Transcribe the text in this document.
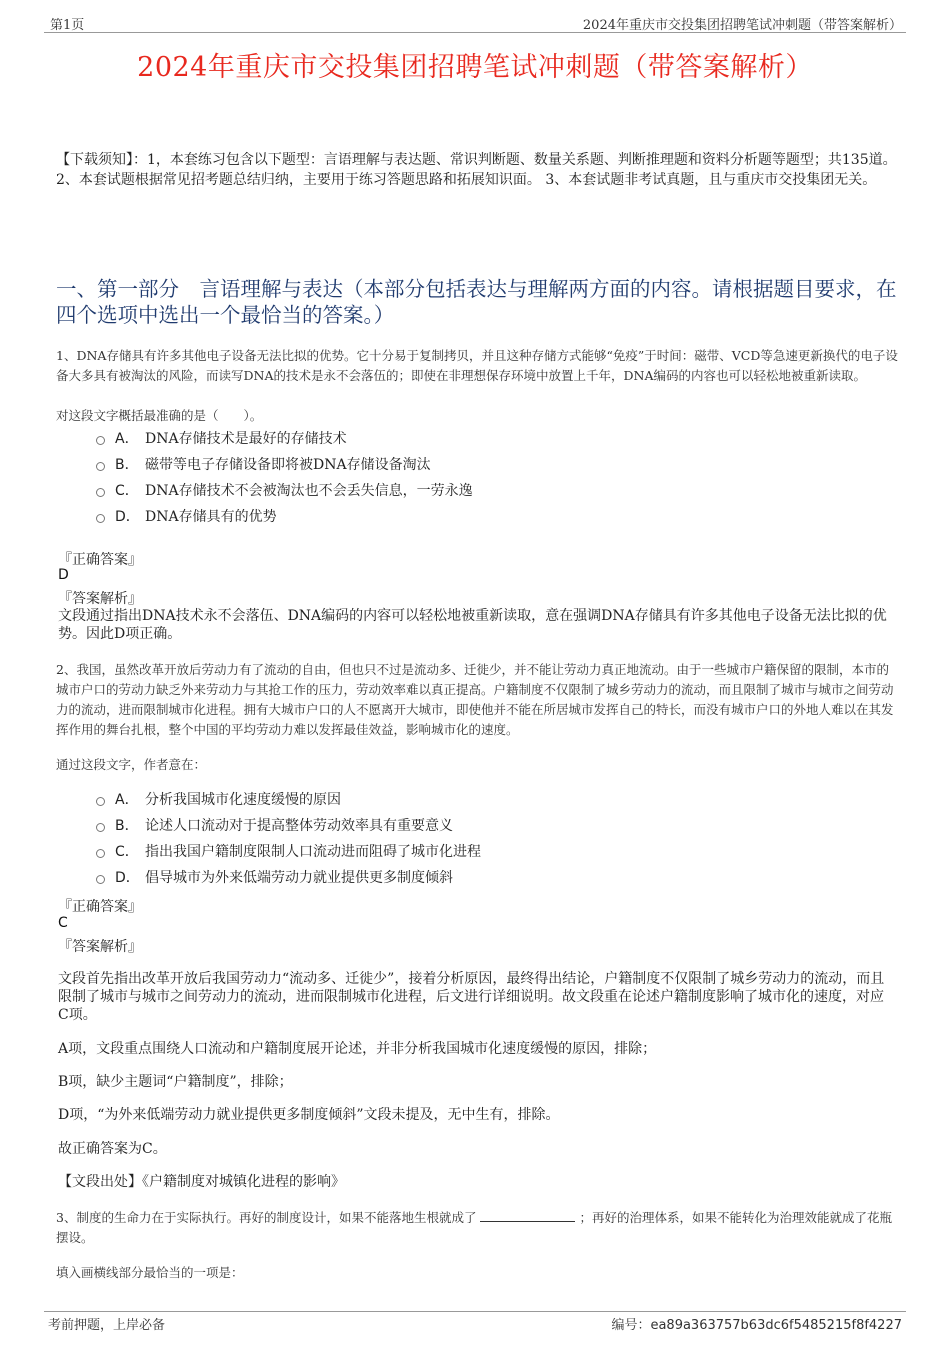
第1页	2024年重庆市交投集团招聘笔试冲刺题（带答案解析）
2024年重庆市交投集团招聘笔试冲刺题（带答案解析）
【下载须知】：1，本套练习包含以下题型：言语理解与表达题、常识判断题、数量关系题、判断推理题和资料分析题等题型；共135道。 2、本套试题根据常见招考题总结归纳，主要用于练习答题思路和拓展知识面。 3、本套试题非考试真题，且与重庆市交投集团无关。
一、第一部分　言语理解与表达（本部分包括表达与理解两方面的内容。请根据题目要求，在四个选项中选出一个最恰当的答案。）
1、DNA存储具有许多其他电子设备无法比拟的优势。它十分易于复制拷贝，并且这种存储方式能够“免疫”于时间：磁带、VCD等急速更新换代的电子设备大多具有被淘汰的风险，而读写DNA的技术是永不会落伍的；即使在非理想保存环境中放置上千年，DNA编码的内容也可以轻松地被重新读取。
对这段文字概括最准确的是（　　）。
A． DNA存储技术是最好的存储技术
B． 磁带等电子存储设备即将被DNA存储设备淘汰
C． DNA存储技术不会被淘汰也不会丢失信息，一劳永逸
D． DNA存储具有的优势
『正确答案』
D
『答案解析』
文段通过指出DNA技术永不会落伍、DNA编码的内容可以轻松地被重新读取，意在强调DNA存储具有许多其他电子设备无法比拟的优势。因此D项正确。
2、我国，虽然改革开放后劳动力有了流动的自由，但也只不过是流动多、迁徙少，并不能让劳动力真正地流动。由于一些城市户籍保留的限制，本市的城市户口的劳动力缺乏外来劳动力与其抢工作的压力，劳动效率难以真正提高。户籍制度不仅限制了城乡劳动力的流动，而且限制了城市与城市之间劳动力的流动，进而限制城市化进程。拥有大城市户口的人不愿离开大城市，即使他并不能在所居城市发挥自己的特长，而没有城市户口的外地人难以在其发挥作用的舞台扎根，整个中国的平均劳动力难以发挥最佳效益，影响城市化的速度。
通过这段文字，作者意在：
A． 分析我国城市化速度缓慢的原因
B． 论述人口流动对于提高整体劳动效率具有重要意义
C． 指出我国户籍制度限制人口流动进而阻碍了城市化进程
D． 倡导城市为外来低端劳动力就业提供更多制度倾斜
『正确答案』
C
『答案解析』
文段首先指出改革开放后我国劳动力“流动多、迁徙少”，接着分析原因，最终得出结论，户籍制度不仅限制了城乡劳动力的流动，而且限制了城市与城市之间劳动力的流动，进而限制城市化进程，后文进行详细说明。故文段重在论述户籍制度影响了城市化的速度，对应C项。
A项，文段重点围绕人口流动和户籍制度展开论述，并非分析我国城市化速度缓慢的原因，排除；
B项，缺少主题词“户籍制度”，排除；
D项，“为外来低端劳动力就业提供更多制度倾斜”文段未提及，无中生有，排除。
故正确答案为C。
【文段出处】《户籍制度对城镇化进程的影响》
3、制度的生命力在于实际执行。再好的制度设计，如果不能落地生根就成了	；再好的治理体系，如果不能转化为治理效能就成了花瓶摆设。
填入画横线部分最恰当的一项是：
考前押题，上岸必备	编号：ea89a363757b63dc6f5485215f8f4227
